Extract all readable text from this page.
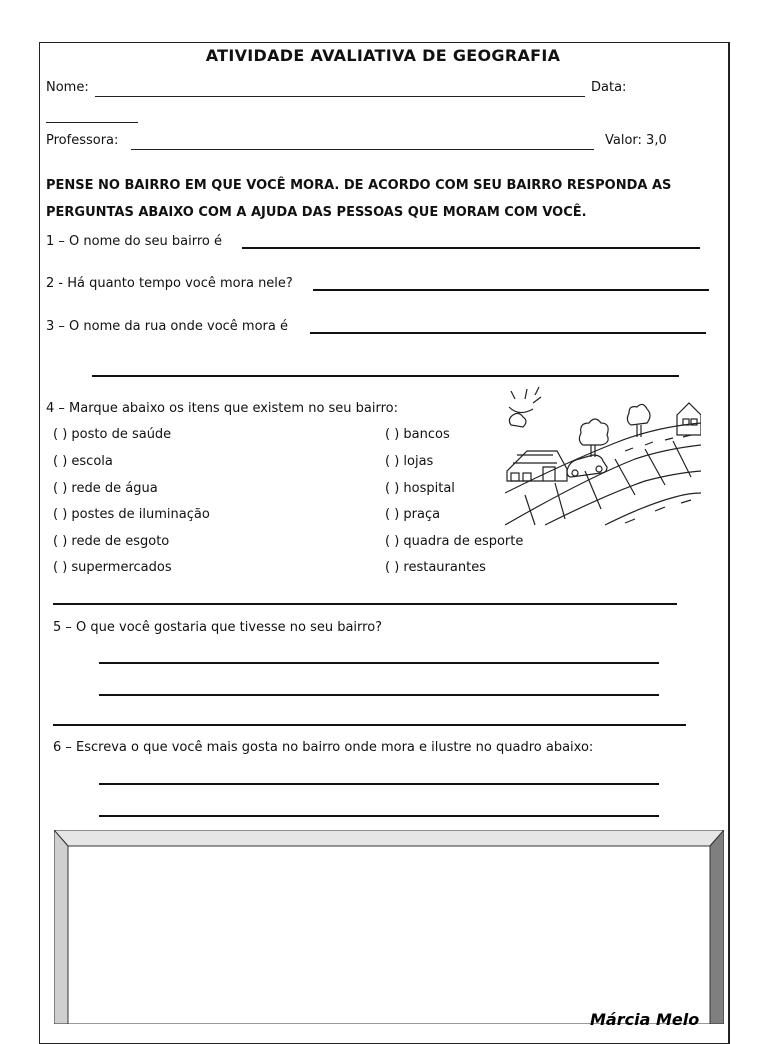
ATIVIDADE AVALIATIVA DE GEOGRAFIA
Nome:	Data:
Professora:	Valor: 3,0
PENSE NO BAIRRO EM QUE VOCÊ MORA. DE ACORDO COM SEU BAIRRO RESPONDA AS
PERGUNTAS ABAIXO COM A AJUDA DAS PESSOAS QUE MORAM COM VOCÊ.
1 – O nome do seu bairro é
2 - Há quanto tempo você mora nele?
3 – O nome da rua onde você mora é
4 – Marque abaixo os itens que existem no seu bairro:
( ) posto de saúde
( ) escola
( ) rede de água
( ) postes de iluminação
( ) rede de esgoto
( ) supermercados
( ) bancos
( ) lojas
( ) hospital
( ) praça
( ) quadra de esporte
( ) restaurantes
5 – O que você gostaria que tivesse no seu bairro?
6 – Escreva o que você mais gosta no bairro onde mora e ilustre no quadro abaixo:
Márcia Melo
